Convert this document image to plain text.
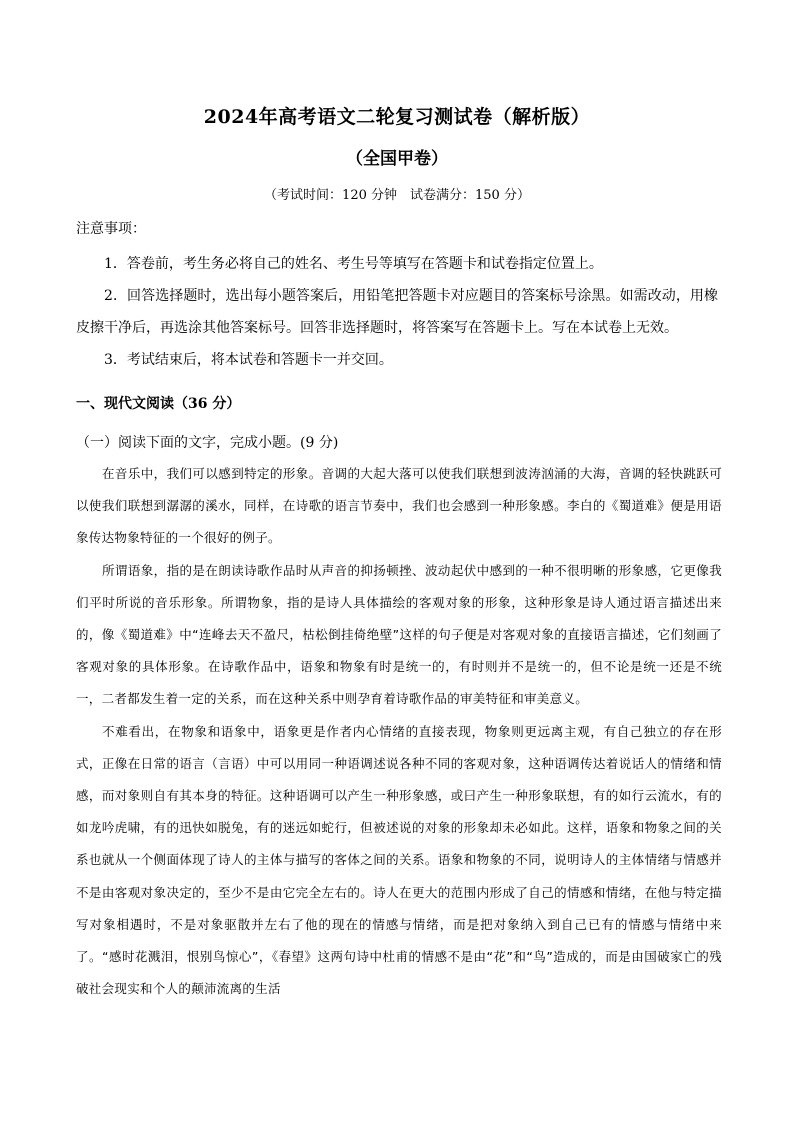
2024年高考语文二轮复习测试卷（解析版）
（全国甲卷）
（考试时间：120 分钟　试卷满分：150 分）
注意事项：

1．答卷前，考生务必将自己的姓名、考生号等填写在答题卡和试卷指定位置上。

2．回答选择题时，选出每小题答案后，用铅笔把答题卡对应题目的答案标号涂黑。如需改动，用橡皮擦干净后，再选涂其他答案标号。回答非选择题时，将答案写在答题卡上。写在本试卷上无效。

3．考试结束后，将本试卷和答题卡一并交回。

一、现代文阅读（36 分）
（一）阅读下面的文字，完成小题。(9 分)

在音乐中，我们可以感到特定的形象。音调的大起大落可以使我们联想到波涛汹涌的大海，音调的轻快跳跃可以使我们联想到潺潺的溪水，同样，在诗歌的语言节奏中，我们也会感到一种形象感。李白的《蜀道难》便是用语象传达物象特征的一个很好的例子。

所谓语象，指的是在朗读诗歌作品时从声音的抑扬顿挫、波动起伏中感到的一种不很明晰的形象感，它更像我们平时所说的音乐形象。所谓物象，指的是诗人具体描绘的客观对象的形象，这种形象是诗人通过语言描述出来的，像《蜀道难》中“连峰去天不盈尺，枯松倒挂倚绝壁”这样的句子便是对客观对象的直接语言描述，它们刻画了客观对象的具体形象。在诗歌作品中，语象和物象有时是统一的，有时则并不是统一的，但不论是统一还是不统一，二者都发生着一定的关系，而在这种关系中则孕育着诗歌作品的审美特征和审美意义。

不难看出，在物象和语象中，语象更是作者内心情绪的直接表现，物象则更远离主观，有自己独立的存在形式，正像在日常的语言（言语）中可以用同一种语调述说各种不同的客观对象，这种语调传达着说话人的情绪和情感，而对象则自有其本身的特征。这种语调可以产生一种形象感，或曰产生一种形象联想，有的如行云流水，有的如龙吟虎啸，有的迅快如脱兔，有的迷远如蛇行，但被述说的对象的形象却未必如此。这样，语象和物象之间的关系也就从一个侧面体现了诗人的主体与描写的客体之间的关系。语象和物象的不同，说明诗人的主体情绪与情感并不是由客观对象决定的，至少不是由它完全左右的。诗人在更大的范围内形成了自己的情感和情绪，在他与特定描写对象相遇时，不是对象驱散并左右了他的现在的情感与情绪，而是把对象纳入到自己已有的情感与情绪中来了。“感时花溅泪，恨别鸟惊心”，《春望》这两句诗中杜甫的情感不是由“花”和“鸟”造成的，而是由国破家亡的残破社会现实和个人的颠沛流离的生活
